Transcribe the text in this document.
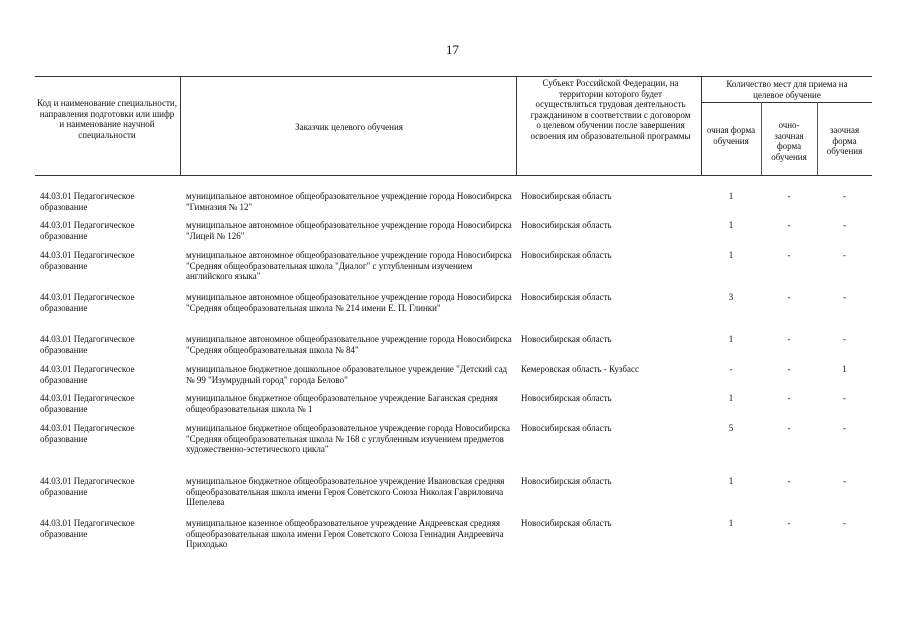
17
Код и наименование специальности, направления подготовки или шифр и наименование научной специальности
Заказчик целевого обучения
Субъект Российской Федерации, на территории которого будет осуществляться трудовая деятельность гражданином в соответствии с договором о целевом обучении после завершения освоения им образовательной программы
Количество мест для приема на целевое обучение
очная форма обучения
очно-заочная форма обучения
заочная форма обучения
44.03.01 Педагогическое образование
муниципальное автономное общеобразовательное учреждение города Новосибирска "Гимназия № 12"
Новосибирская область	1	-	-
44.03.01 Педагогическое образование
муниципальное автономное общеобразовательное учреждение города Новосибирска "Лицей № 126"
Новосибирская область	1	-	-
44.03.01 Педагогическое образование
муниципальное автономное общеобразовательное учреждение города Новосибирска "Средняя общеобразовательная школа "Диалог" с углубленным изучением английского языка"
Новосибирская область	1	-	-
44.03.01 Педагогическое образование
муниципальное автономное общеобразовательное учреждение города Новосибирска "Средняя общеобразовательная школа № 214 имени Е. П. Глинки"
Новосибирская область	3	-	-
44.03.01 Педагогическое образование
муниципальное автономное общеобразовательное учреждение города Новосибирска "Средняя общеобразовательная школа № 84"
Новосибирская область	1	-	-
44.03.01 Педагогическое образование
муниципальное бюджетное дошкольное образовательное учреждение "Детский сад № 99 "Изумрудный город" города Белово"
Кемеровская область - Кузбасс	-	-	1
44.03.01 Педагогическое образование
муниципальное бюджетное общеобразовательное учреждение Баганская средняя общеобразовательная школа № 1
Новосибирская область	1	-	-
44.03.01 Педагогическое образование
муниципальное бюджетное общеобразовательное учреждение города Новосибирска "Средняя общеобразовательная школа № 168 с углубленным изучением предметов художественно-эстетического цикла"
Новосибирская область	5	-	-
44.03.01 Педагогическое образование
муниципальное бюджетное общеобразовательное учреждение Ивановская средняя общеобразовательная школа имени Героя Советского Союза Николая Гавриловича Шепелева
Новосибирская область	1	-	-
44.03.01 Педагогическое образование
муниципальное казенное общеобразовательное учреждение Андреевская средняя общеобразовательная школа имени Героя Советского Союза Геннадия Андреевича Приходько
Новосибирская область	1	-	-
